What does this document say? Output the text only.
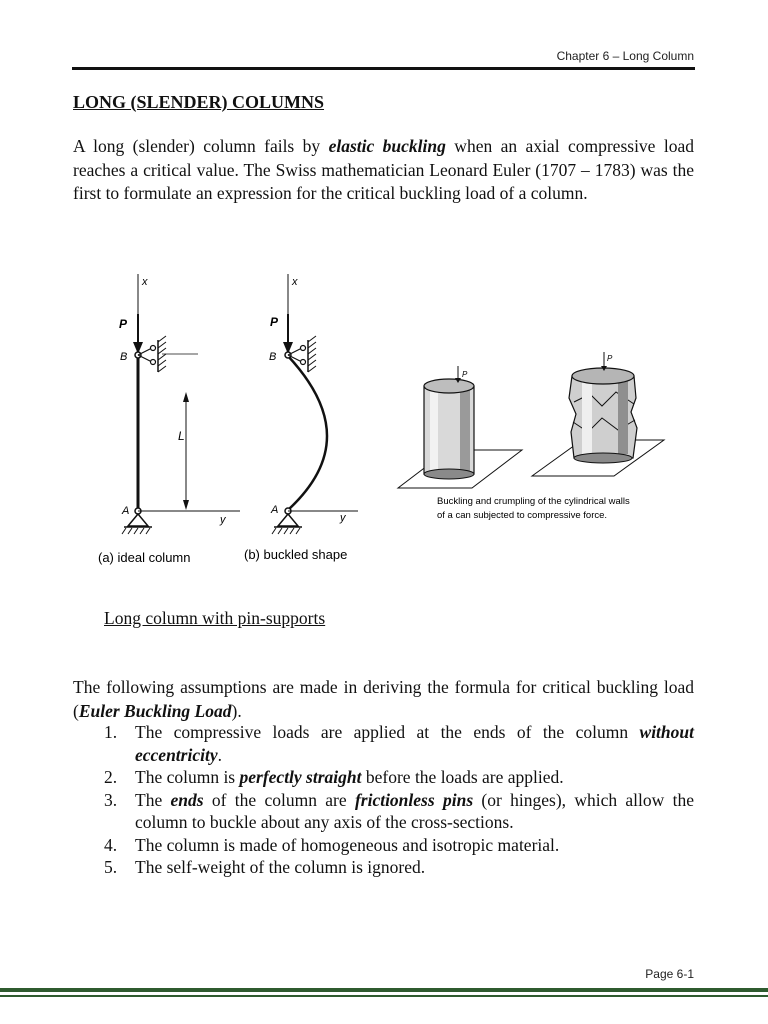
Chapter 6 – Long Column
LONG (SLENDER) COLUMNS

A long (slender) column fails by elastic buckling when an axial compressive load reaches a critical value. The Swiss mathematician Leonard Euler (1707 – 1783) was the first to formulate an expression for the critical buckling load of a column.

x
P
B
L
A
y
(a) ideal column
x
P
B
A
y
(b) buckled shape
P
P
Buckling and crumpling of the cylindrical walls
of a can subjected to compressive force.
Long column with pin-supports

The following assumptions are made in deriving the formula for critical buckling load (Euler Buckling Load).

1. The compressive loads are applied at the ends of the column without eccentricity.
2. The column is perfectly straight before the loads are applied.
3. The ends of the column are frictionless pins (or hinges), which allow the column to buckle about any axis of the cross-sections.
4. The column is made of homogeneous and isotropic material.
5. The self-weight of the column is ignored.
Page 6-1
